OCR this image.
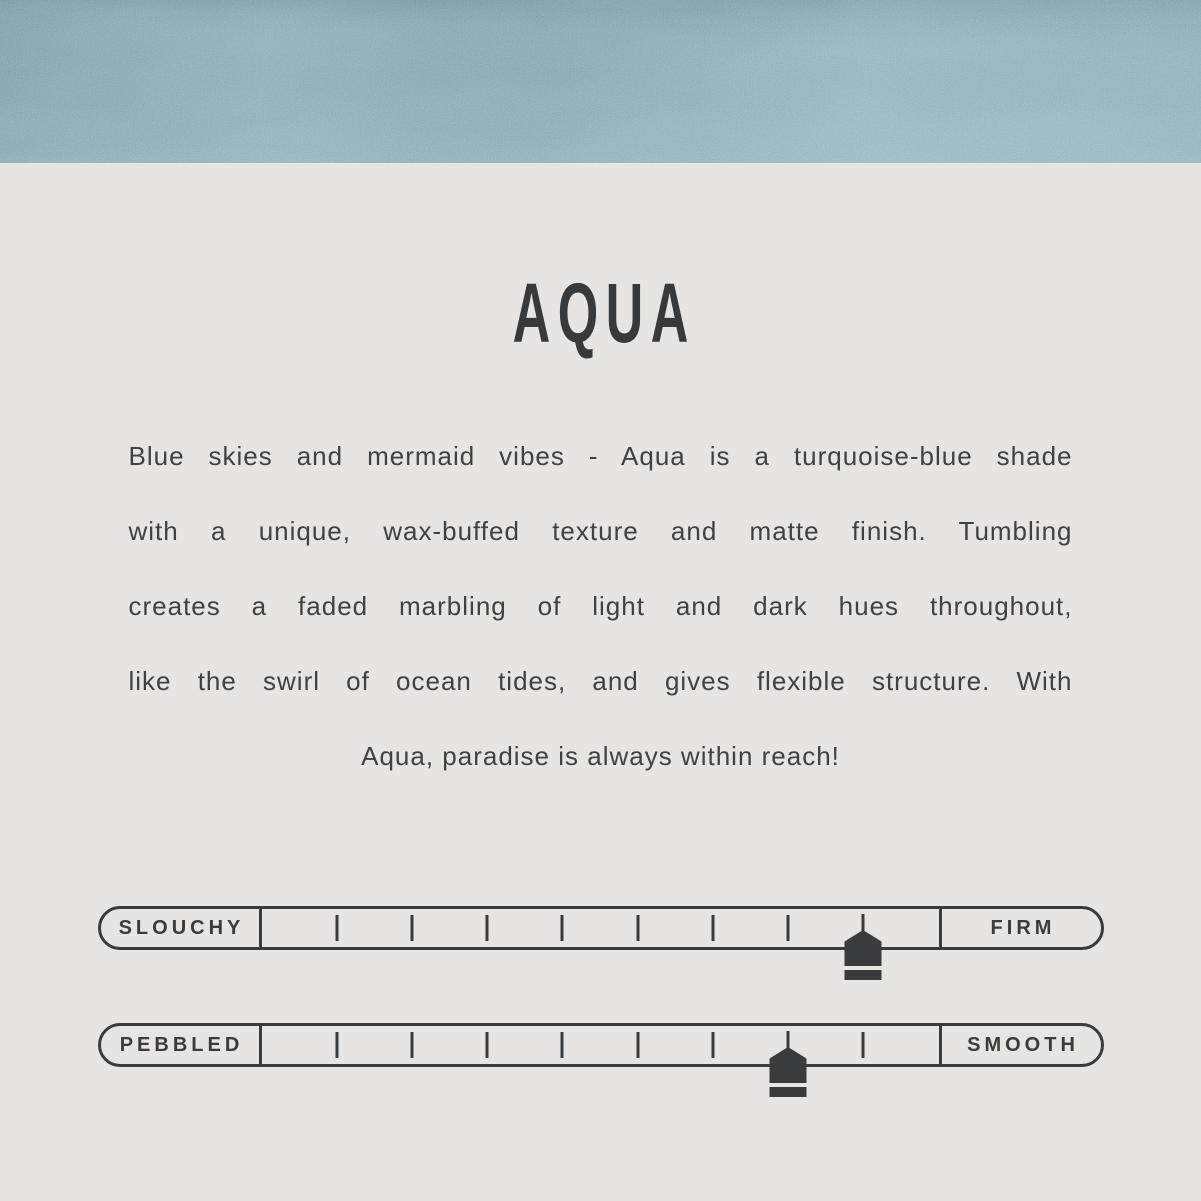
AQUA
Blue skies and mermaid vibes - Aqua is a turquoise-blue shade
with a unique, wax-buffed texture and matte finish. Tumbling
creates a faded marbling of light and dark hues throughout,
like the swirl of ocean tides, and gives flexible structure. With
Aqua, paradise is always within reach!
SLOUCHY	FIRM
PEBBLED	SMOOTH
